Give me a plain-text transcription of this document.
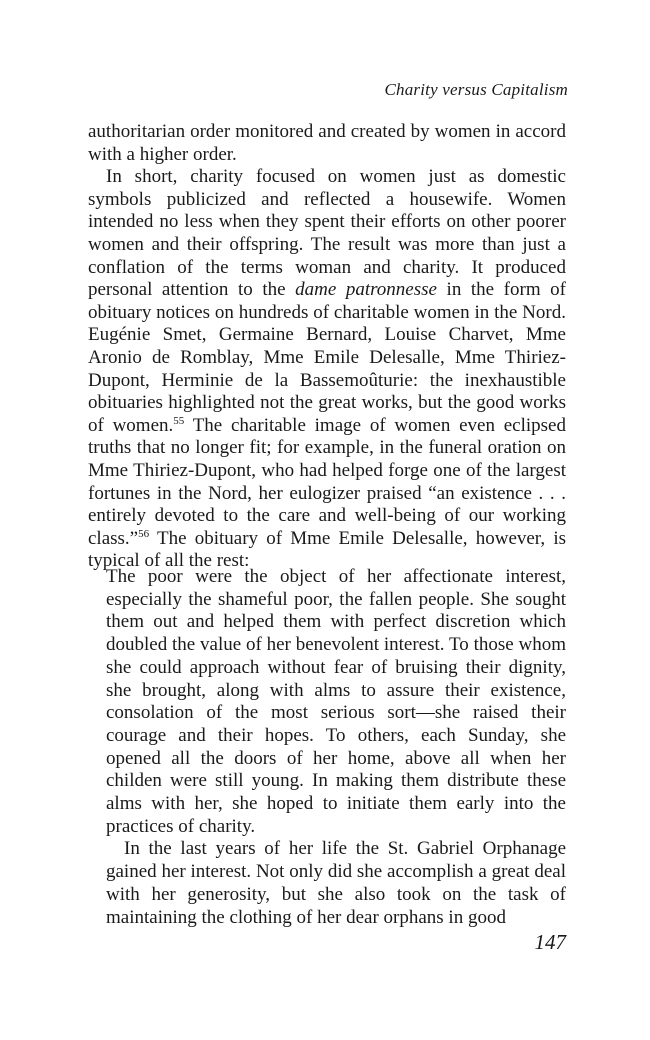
Charity versus Capitalism

authoritarian order monitored and created by women in accord with a higher order.

In short, charity focused on women just as domestic symbols publicized and reflected a housewife. Women intended no less when they spent their efforts on other poorer women and their offspring. The result was more than just a conflation of the terms woman and charity. It produced personal attention to the dame patronnesse in the form of obituary notices on hundreds of charitable women in the Nord. Eugénie Smet, Germaine Bernard, Louise Charvet, Mme Aronio de Romblay, Mme Emile Delesalle, Mme Thiriez-Dupont, Herminie de la Bassemoûturie: the inexhaustible obituaries highlighted not the great works, but the good works of women.$^{55}$ The charitable image of women even eclipsed truths that no longer fit; for example, in the funeral oration on Mme Thiriez-Dupont, who had helped forge one of the largest fortunes in the Nord, her eulogizer praised “an existence . . . entirely devoted to the care and well-being of our working class.”$^{56}$ The obituary of Mme Emile Delesalle, however, is typical of all the rest:

The poor were the object of her affectionate interest, especially the shameful poor, the fallen people. She sought them out and helped them with perfect discretion which doubled the value of her benevolent interest. To those whom she could approach without fear of bruising their dignity, she brought, along with alms to assure their existence, consolation of the most serious sort—she raised their courage and their hopes. To others, each Sunday, she opened all the doors of her home, above all when her childen were still young. In making them distribute these alms with her, she hoped to initiate them early into the practices of charity.

In the last years of her life the St. Gabriel Orphanage gained her interest. Not only did she accomplish a great deal with her generosity, but she also took on the task of maintaining the clothing of her dear orphans in good

147
